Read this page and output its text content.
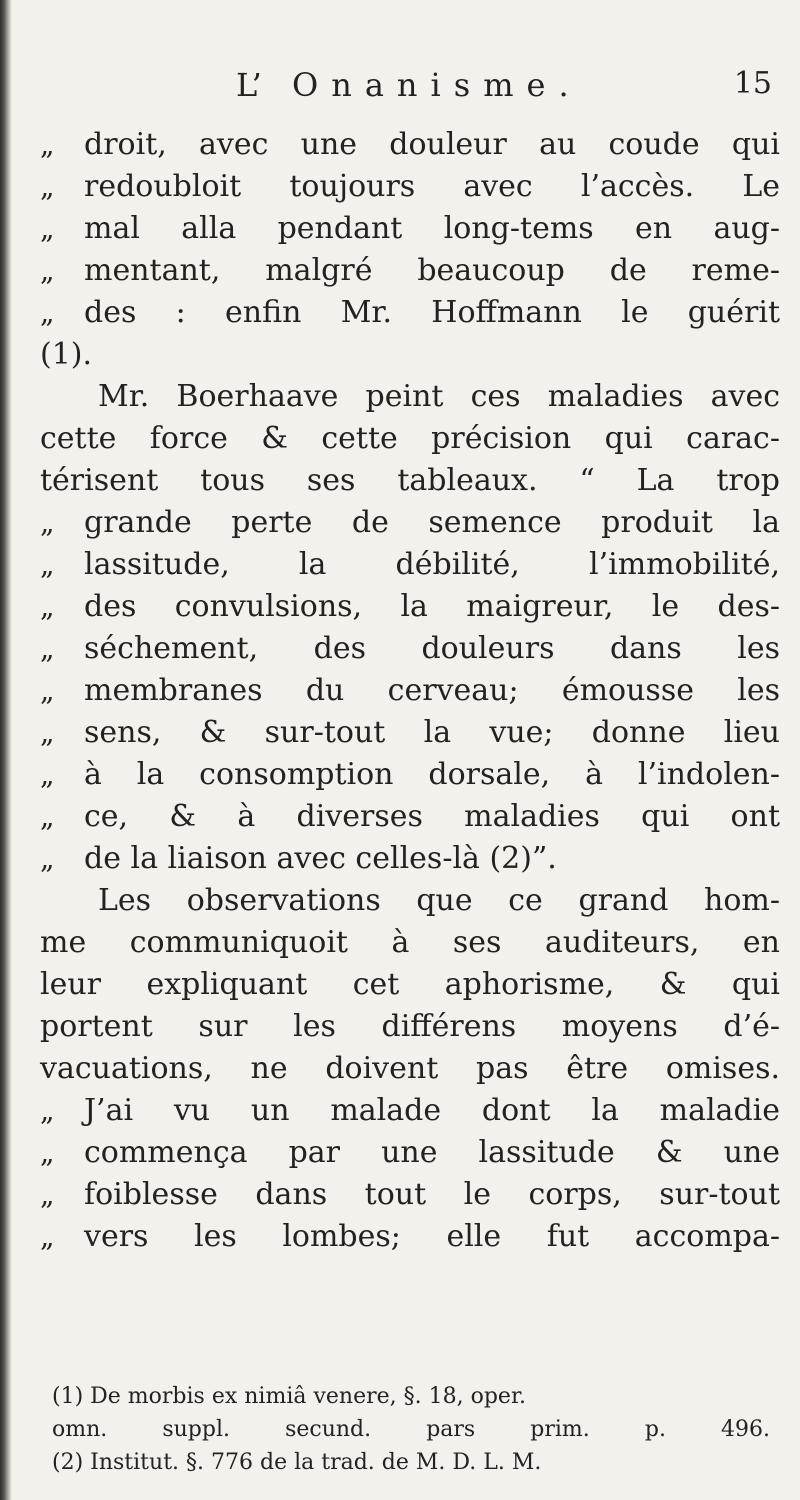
L’ Onanisme.	15
„ droit, avec une douleur au coude qui
„ redoubloit toujours avec l’accès. Le
„ mal alla pendant long-tems en aug-
„ mentant, malgré beaucoup de reme-
„ des : enfin Mr. Hoffmann le guérit
(1).
Mr. Boerhaave peint ces maladies avec
cette force & cette précision qui carac-
térisent tous ses tableaux. “ La trop
„ grande perte de semence produit la
„ lassitude, la débilité, l’immobilité,
„ des convulsions, la maigreur, le des-
„ séchement, des douleurs dans les
„ membranes du cerveau; émousse les
„ sens, & sur-tout la vue; donne lieu
„ à la consomption dorsale, à l’indolen-
„ ce, & à diverses maladies qui ont
„ de la liaison avec celles-là (2)”.
Les observations que ce grand hom-
me communiquoit à ses auditeurs, en
leur expliquant cet aphorisme, & qui
portent sur les différens moyens d’é-
vacuations, ne doivent pas être omises.
„ J’ai vu un malade dont la maladie
„ commença par une lassitude & une
„ foiblesse dans tout le corps, sur-tout
„ vers les lombes; elle fut accompa-
(1) De morbis ex nimiâ venere, §. 18, oper.
omn. suppl. secund. pars prim. p. 496.
(2) Institut. §. 776 de la trad. de M. D. L. M.
